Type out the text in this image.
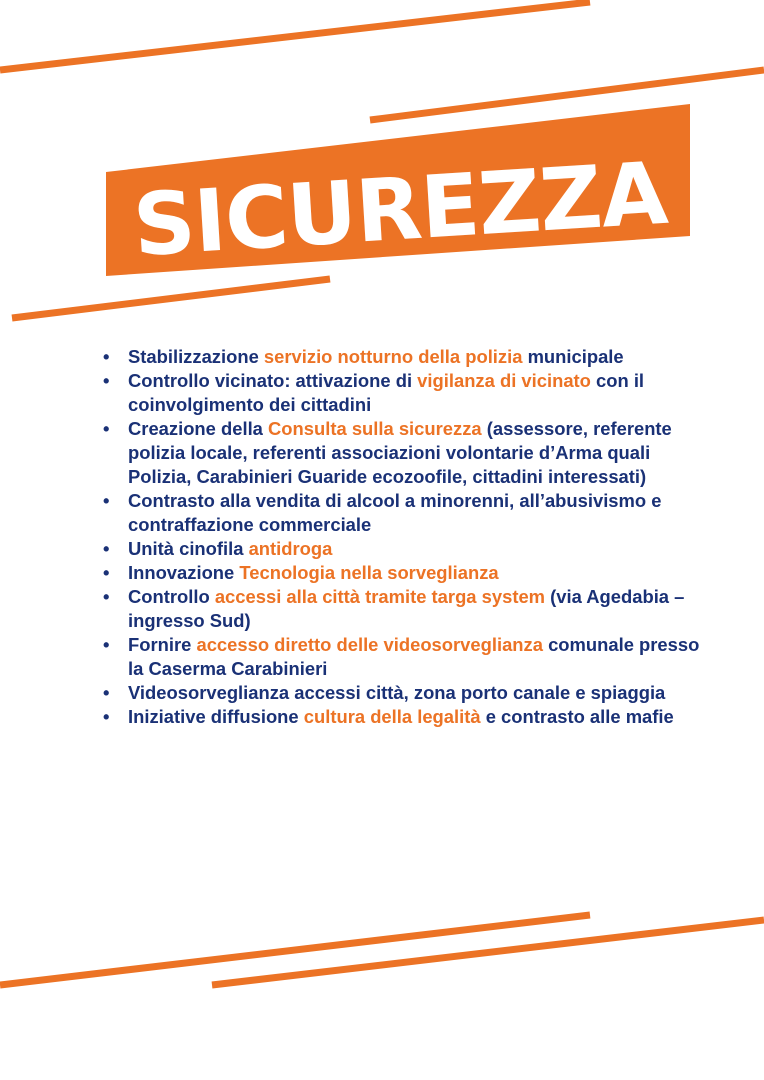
SICUREZZA
• Stabilizzazione servizio notturno della polizia municipale
• Controllo vicinato: attivazione di vigilanza di vicinato con il coinvolgimento dei cittadini
• Creazione della Consulta sulla sicurezza (assessore, referente polizia locale, referenti associazioni volontarie d’Arma quali Polizia, Carabinieri Guaride ecozoofile, cittadini interessati)
• Contrasto alla vendita di alcool a minorenni, all’abusivismo e contraffazione commerciale
• Unità cinofila antidroga
• Innovazione Tecnologia nella sorveglianza
• Controllo accessi alla città tramite targa system (via Agedabia – ingresso Sud)
• Fornire accesso diretto delle videosorveglianza comunale presso la Caserma Carabinieri
• Videosorveglianza accessi città, zona porto canale e spiaggia
• Iniziative diffusione cultura della legalità e contrasto alle mafie
